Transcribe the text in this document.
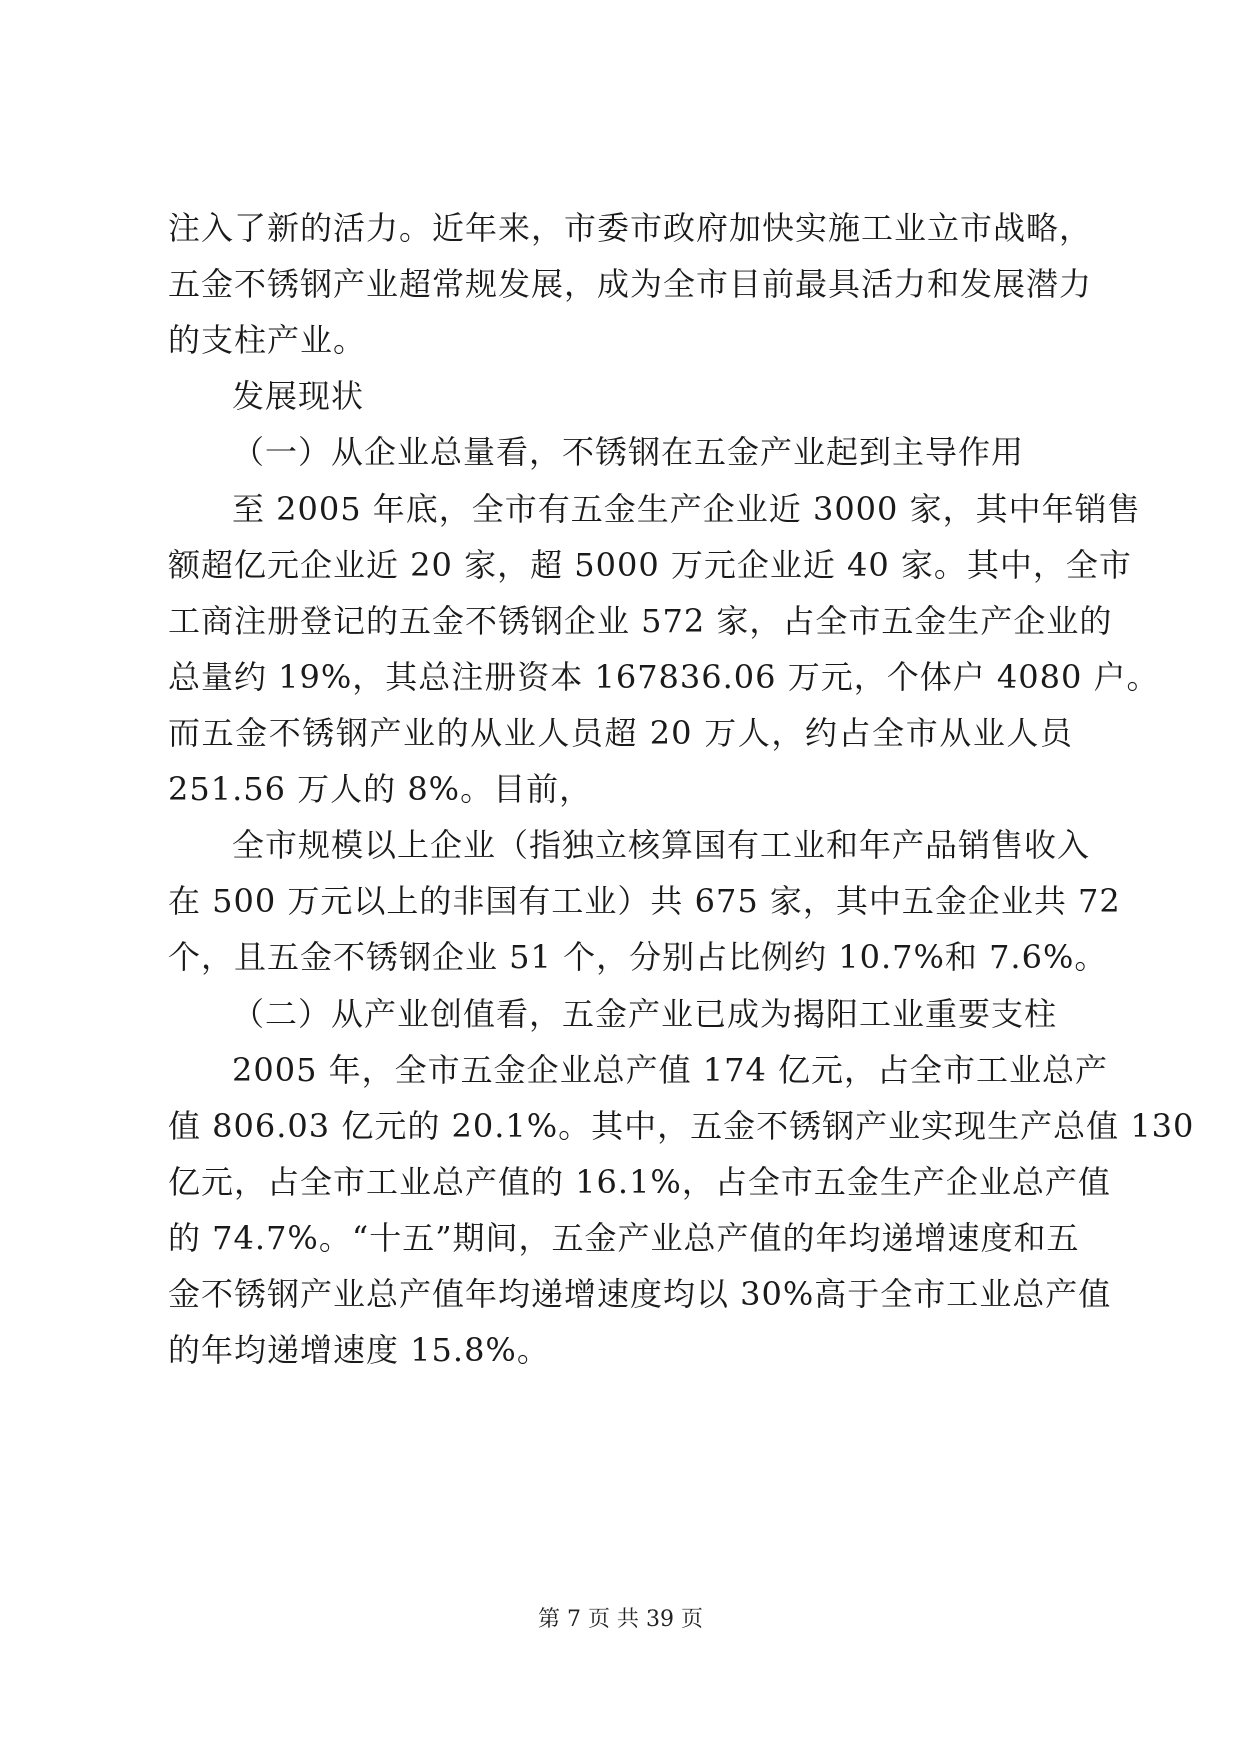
注入了新的活力。近年来，市委市政府加快实施工业立市战略，
五金不锈钢产业超常规发展，成为全市目前最具活力和发展潜力
的支柱产业。
发展现状
（一）从企业总量看，不锈钢在五金产业起到主导作用
至 2005 年底，全市有五金生产企业近 3000 家，其中年销售
额超亿元企业近 20 家，超 5000 万元企业近 40 家。其中，全市
工商注册登记的五金不锈钢企业 572 家，占全市五金生产企业的
总量约 19%，其总注册资本 167836.06 万元，个体户 4080 户。
而五金不锈钢产业的从业人员超 20 万人，约占全市从业人员
251.56 万人的 8%。目前，
全市规模以上企业（指独立核算国有工业和年产品销售收入
在 500 万元以上的非国有工业）共 675 家，其中五金企业共 72
个，且五金不锈钢企业 51 个，分别占比例约 10.7%和 7.6%。
（二）从产业创值看，五金产业已成为揭阳工业重要支柱
2005 年，全市五金企业总产值 174 亿元，占全市工业总产
值 806.03 亿元的 20.1%。其中，五金不锈钢产业实现生产总值 130
亿元，占全市工业总产值的 16.1%，占全市五金生产企业总产值
的 74.7%。“十五”期间，五金产业总产值的年均递增速度和五
金不锈钢产业总产值年均递增速度均以 30%高于全市工业总产值
的年均递增速度 15.8%。
第 7 页 共 39 页
